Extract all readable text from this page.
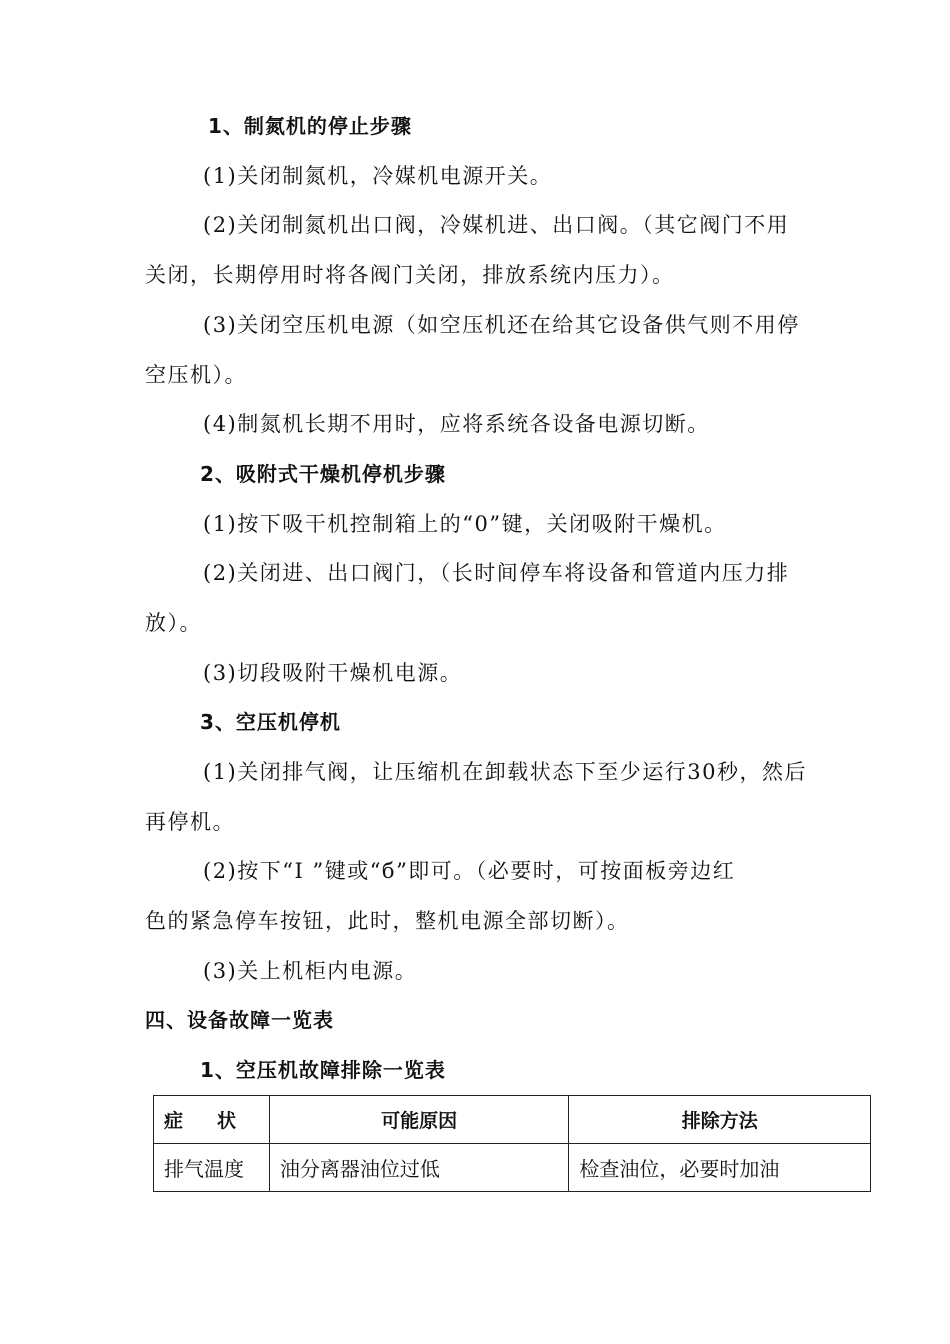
1、制氮机的停止步骤
(1)关闭制氮机，冷媒机电源开关。
(2)关闭制氮机出口阀，冷媒机进、出口阀。（其它阀门不用
关闭，长期停用时将各阀门关闭，排放系统内压力）。
(3)关闭空压机电源（如空压机还在给其它设备供气则不用停
空压机）。
(4)制氮机长期不用时，应将系统各设备电源切断。
2、吸附式干燥机停机步骤
(1)按下吸干机控制箱上的“0”键，关闭吸附干燥机。
(2)关闭进、出口阀门，（长时间停车将设备和管道内压力排
放）。
(3)切段吸附干燥机电源。
3、空压机停机
(1)关闭排气阀，让压缩机在卸载状态下至少运行30秒，然后
再停机。
(2)按下“I ”键或“б”即可。（必要时，可按面板旁边红
色的紧急停车按钮，此时，整机电源全部切断）。
(3)关上机柜内电源。
四、设备故障一览表
1、空压机故障排除一览表
症 状	可能原因	排除方法
排气温度	油分离器油位过低	检查油位，必要时加油
